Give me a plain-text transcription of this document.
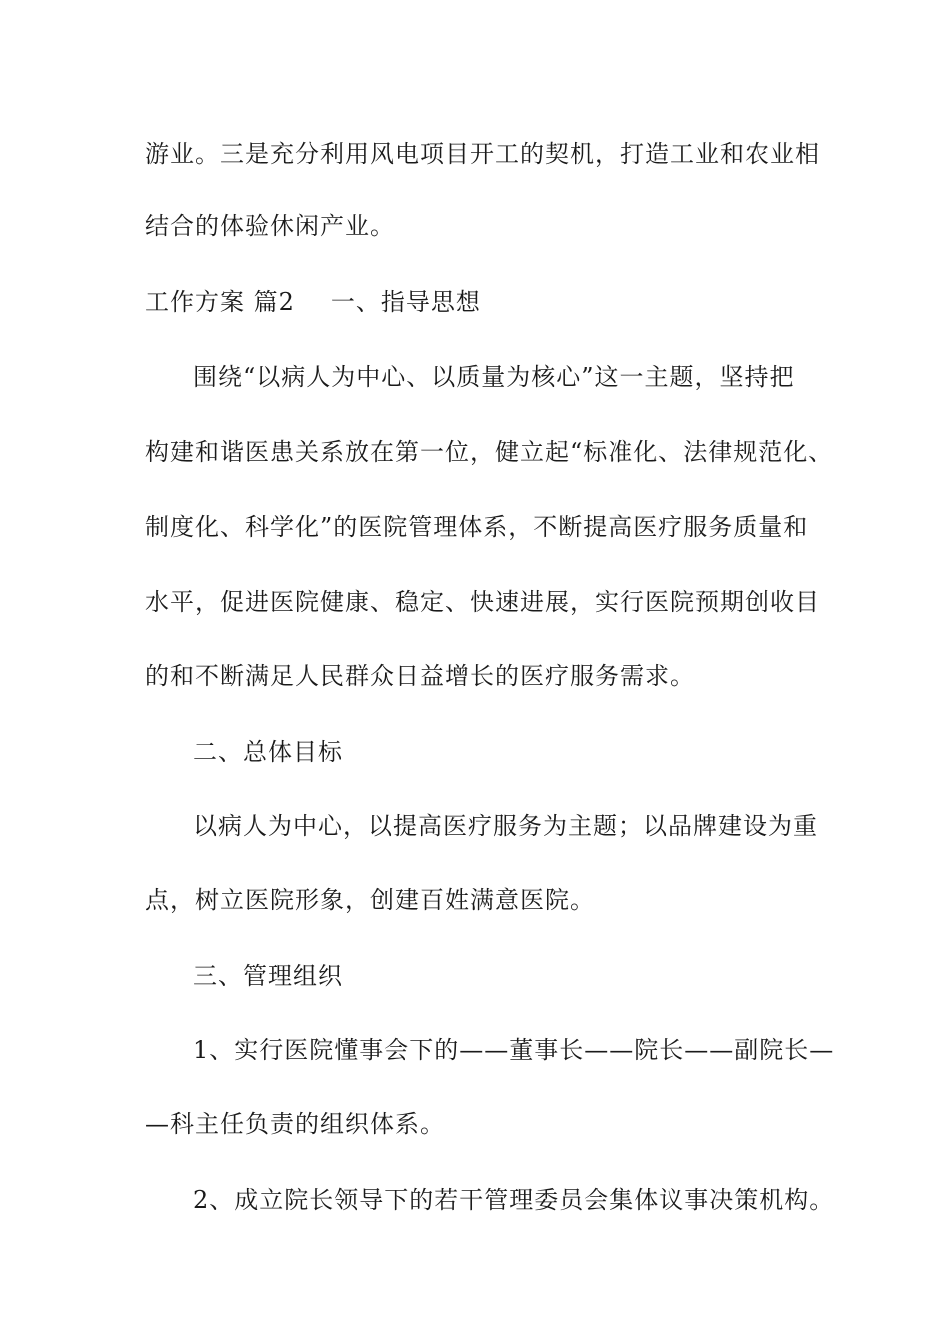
游业。三是充分利用风电项目开工的契机，打造工业和农业相
结合的体验休闲产业。
工作方案 篇2 一、指导思想
围绕“以病人为中心、以质量为核心”这一主题，坚持把
构建和谐医患关系放在第一位，健立起“标准化、法律规范化、
制度化、科学化”的医院管理体系，不断提高医疗服务质量和
水平，促进医院健康、稳定、快速进展，实行医院预期创收目
的和不断满足人民群众日益增长的医疗服务需求。
二、总体目标
以病人为中心，以提高医疗服务为主题；以品牌建设为重
点，树立医院形象，创建百姓满意医院。
三、管理组织
1、实行医院懂事会下的——董事长——院长——副院长—
—科主任负责的组织体系。
2、成立院长领导下的若干管理委员会集体议事决策机构。
